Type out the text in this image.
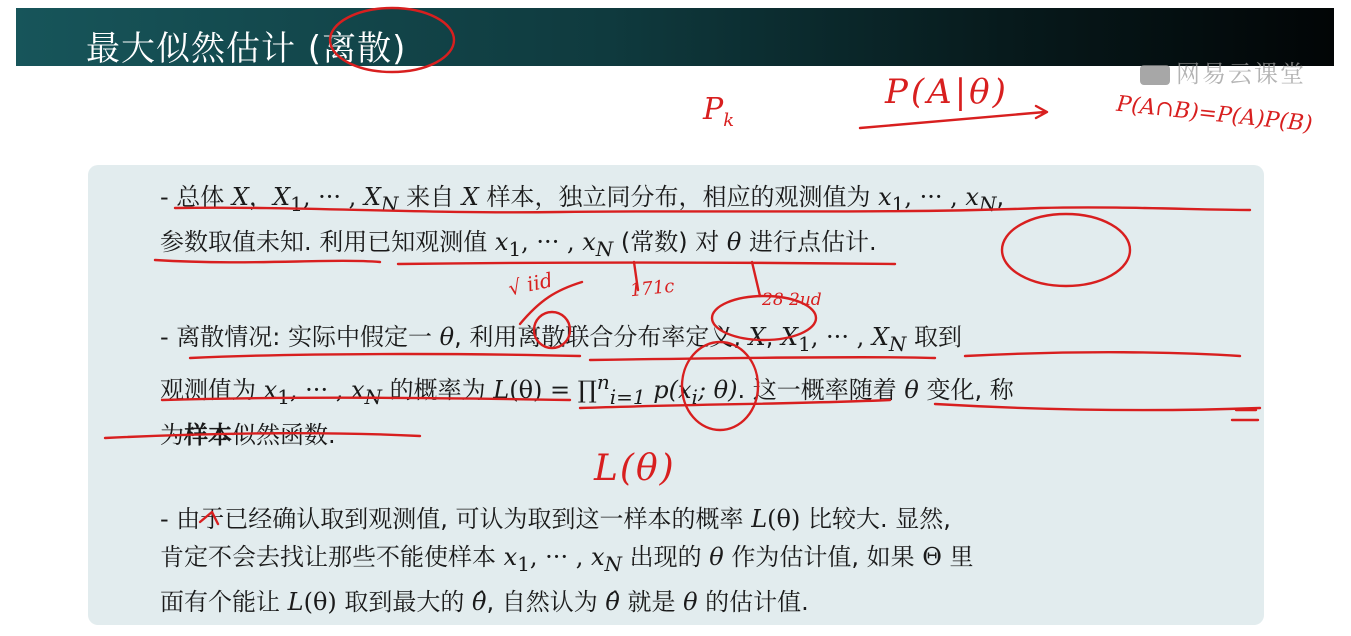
最大似然估计 (离散)
网易云课堂
- 总体 X，$X_1$, ··· , $X_N$ 来自 X 样本，独立同分布，相应的观测值为 $x_1$, ··· , $x_N$,
参数取值未知. 利用已知观测值 $x_1$, ··· , $x_N$ (常数) 对 θ 进行点估计.
- 离散情况: 实际中假定一 θ, 利用离散联合分布率定义, X, $X_1$, ··· , $X_N$ 取到
观测值为 $x_1$, ··· , $x_N$ 的概率为 L(θ) = ∏$^n_{i=1}$ $p(x_i$; θ). 这一概率随着 θ 变化, 称
为样本似然函数.
- 由于已经确认取到观测值, 可认为取到这一样本的概率 L(θ) 比较大. 显然,
肯定不会去找让那些不能使样本 $x_1$, ··· , $x_N$ 出现的 θ 作为估计值, 如果 Θ 里
面有个能让 L(θ) 取到最大的 θ̂, 自然认为 θ̂ 就是 θ 的估计值.
$P_k$
P(A|θ)	P(A∩B)=P(A)P(B)
√ iid	171c	28 2ud
L(θ)
